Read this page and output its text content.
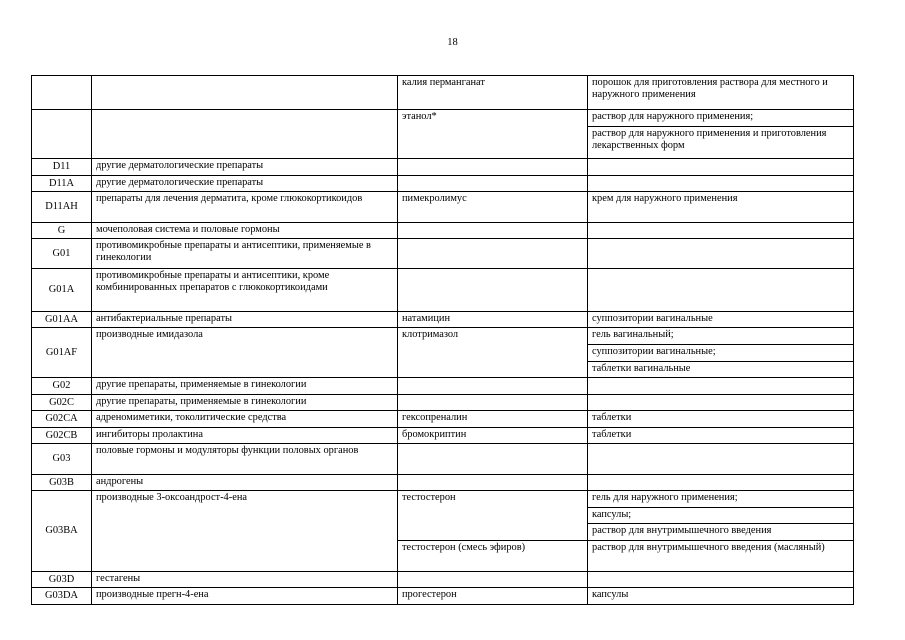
18

		калия перманганат	порошок для приготовления раствора для местного и наружного применения

		этанол*	раствор для наружного применения;

			раствор для наружного применения и приготовления лекарственных форм

D11	другие дерматологические препараты		

D11A	другие дерматологические препараты		

D11AH	препараты для лечения дерматита, кроме глюкокортикоидов	пимекролимус	крем для наружного применения

G	мочеполовая система и половые гормоны		

G01	противомикробные препараты и антисептики, применяемые в гинекологии		

G01A	противомикробные препараты и антисептики, кроме комбинированных препаратов с глюкокортикоидами		

G01AA	антибактериальные препараты	натамицин	суппозитории вагинальные

G01AF	производные имидазола	клотримазол	гель вагинальный;

			суппозитории вагинальные;

			таблетки вагинальные

G02	другие препараты, применяемые в гинекологии		

G02C	другие препараты, применяемые в гинекологии		

G02CA	адреномиметики, токолитические средства	гексопреналин	таблетки

G02CB	ингибиторы пролактина	бромокриптин	таблетки

G03	половые гормоны и модуляторы функции половых органов		

G03B	андрогены		

G03BA	производные 3-оксоандрост-4-ена	тестостерон	гель для наружного применения;

			капсулы;

			раствор для внутримышечного введения

		тестостерон (смесь эфиров)	раствор для внутримышечного введения (масляный)

G03D	гестагены		

G03DA	производные прегн-4-ена	прогестерон	капсулы
